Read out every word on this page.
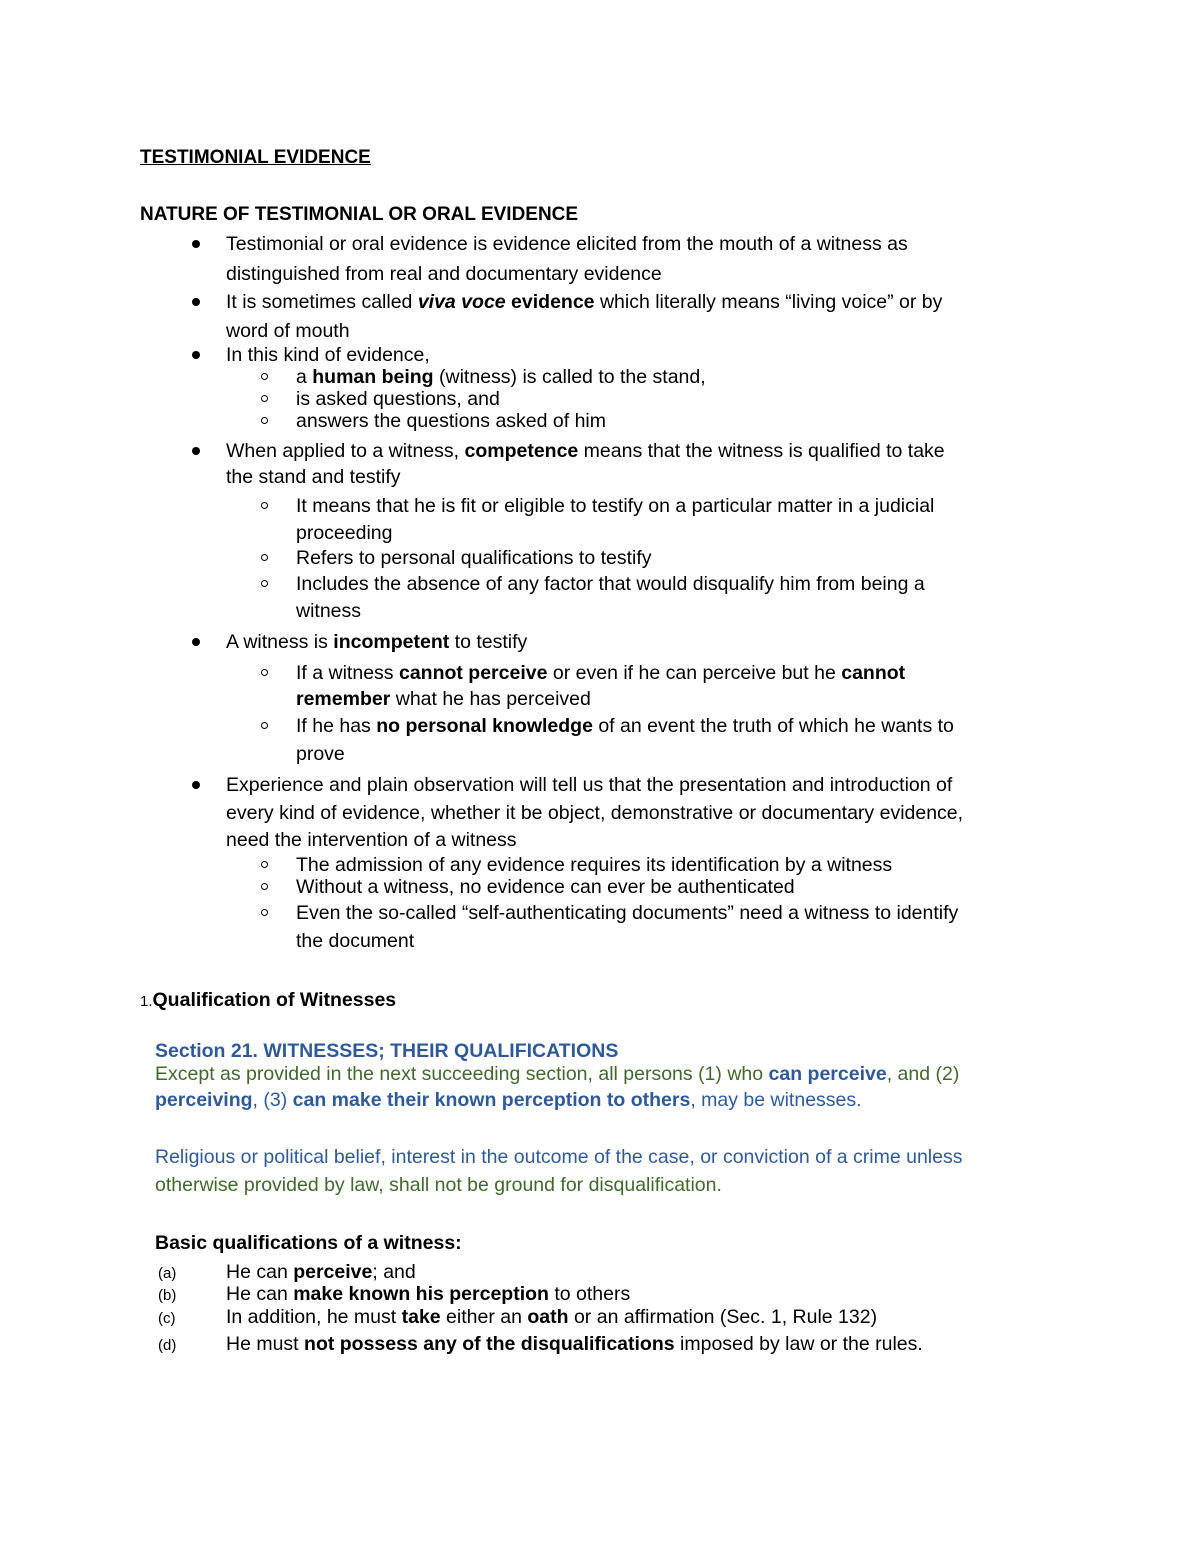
TESTIMONIAL EVIDENCE
NATURE OF TESTIMONIAL OR ORAL EVIDENCE
Testimonial or oral evidence is evidence elicited from the mouth of a witness as
distinguished from real and documentary evidence
It is sometimes called viva voce evidence which literally means “living voice” or by
word of mouth
In this kind of evidence,
a human being (witness) is called to the stand,
is asked questions, and
answers the questions asked of him
When applied to a witness, competence means that the witness is qualified to take
the stand and testify
It means that he is fit or eligible to testify on a particular matter in a judicial
proceeding
Refers to personal qualifications to testify
Includes the absence of any factor that would disqualify him from being a
witness
A witness is incompetent to testify
If a witness cannot perceive or even if he can perceive but he cannot
remember what he has perceived
If he has no personal knowledge of an event the truth of which he wants to
prove
Experience and plain observation will tell us that the presentation and introduction of
every kind of evidence, whether it be object, demonstrative or documentary evidence,
need the intervention of a witness
The admission of any evidence requires its identification by a witness
Without a witness, no evidence can ever be authenticated
Even the so-called “self-authenticating documents” need a witness to identify
the document
1.Qualification of Witnesses
Section 21. WITNESSES; THEIR QUALIFICATIONS
Except as provided in the next succeeding section, all persons (1) who can perceive, and (2)
perceiving, (3) can make their known perception to others, may be witnesses.
Religious or political belief, interest in the outcome of the case, or conviction of a crime unless
otherwise provided by law, shall not be ground for disqualification.
Basic qualifications of a witness:
(a)	He can perceive; and
(b)	He can make known his perception to others
(c)	In addition, he must take either an oath or an affirmation (Sec. 1, Rule 132)
(d)	He must not possess any of the disqualifications imposed by law or the rules.
